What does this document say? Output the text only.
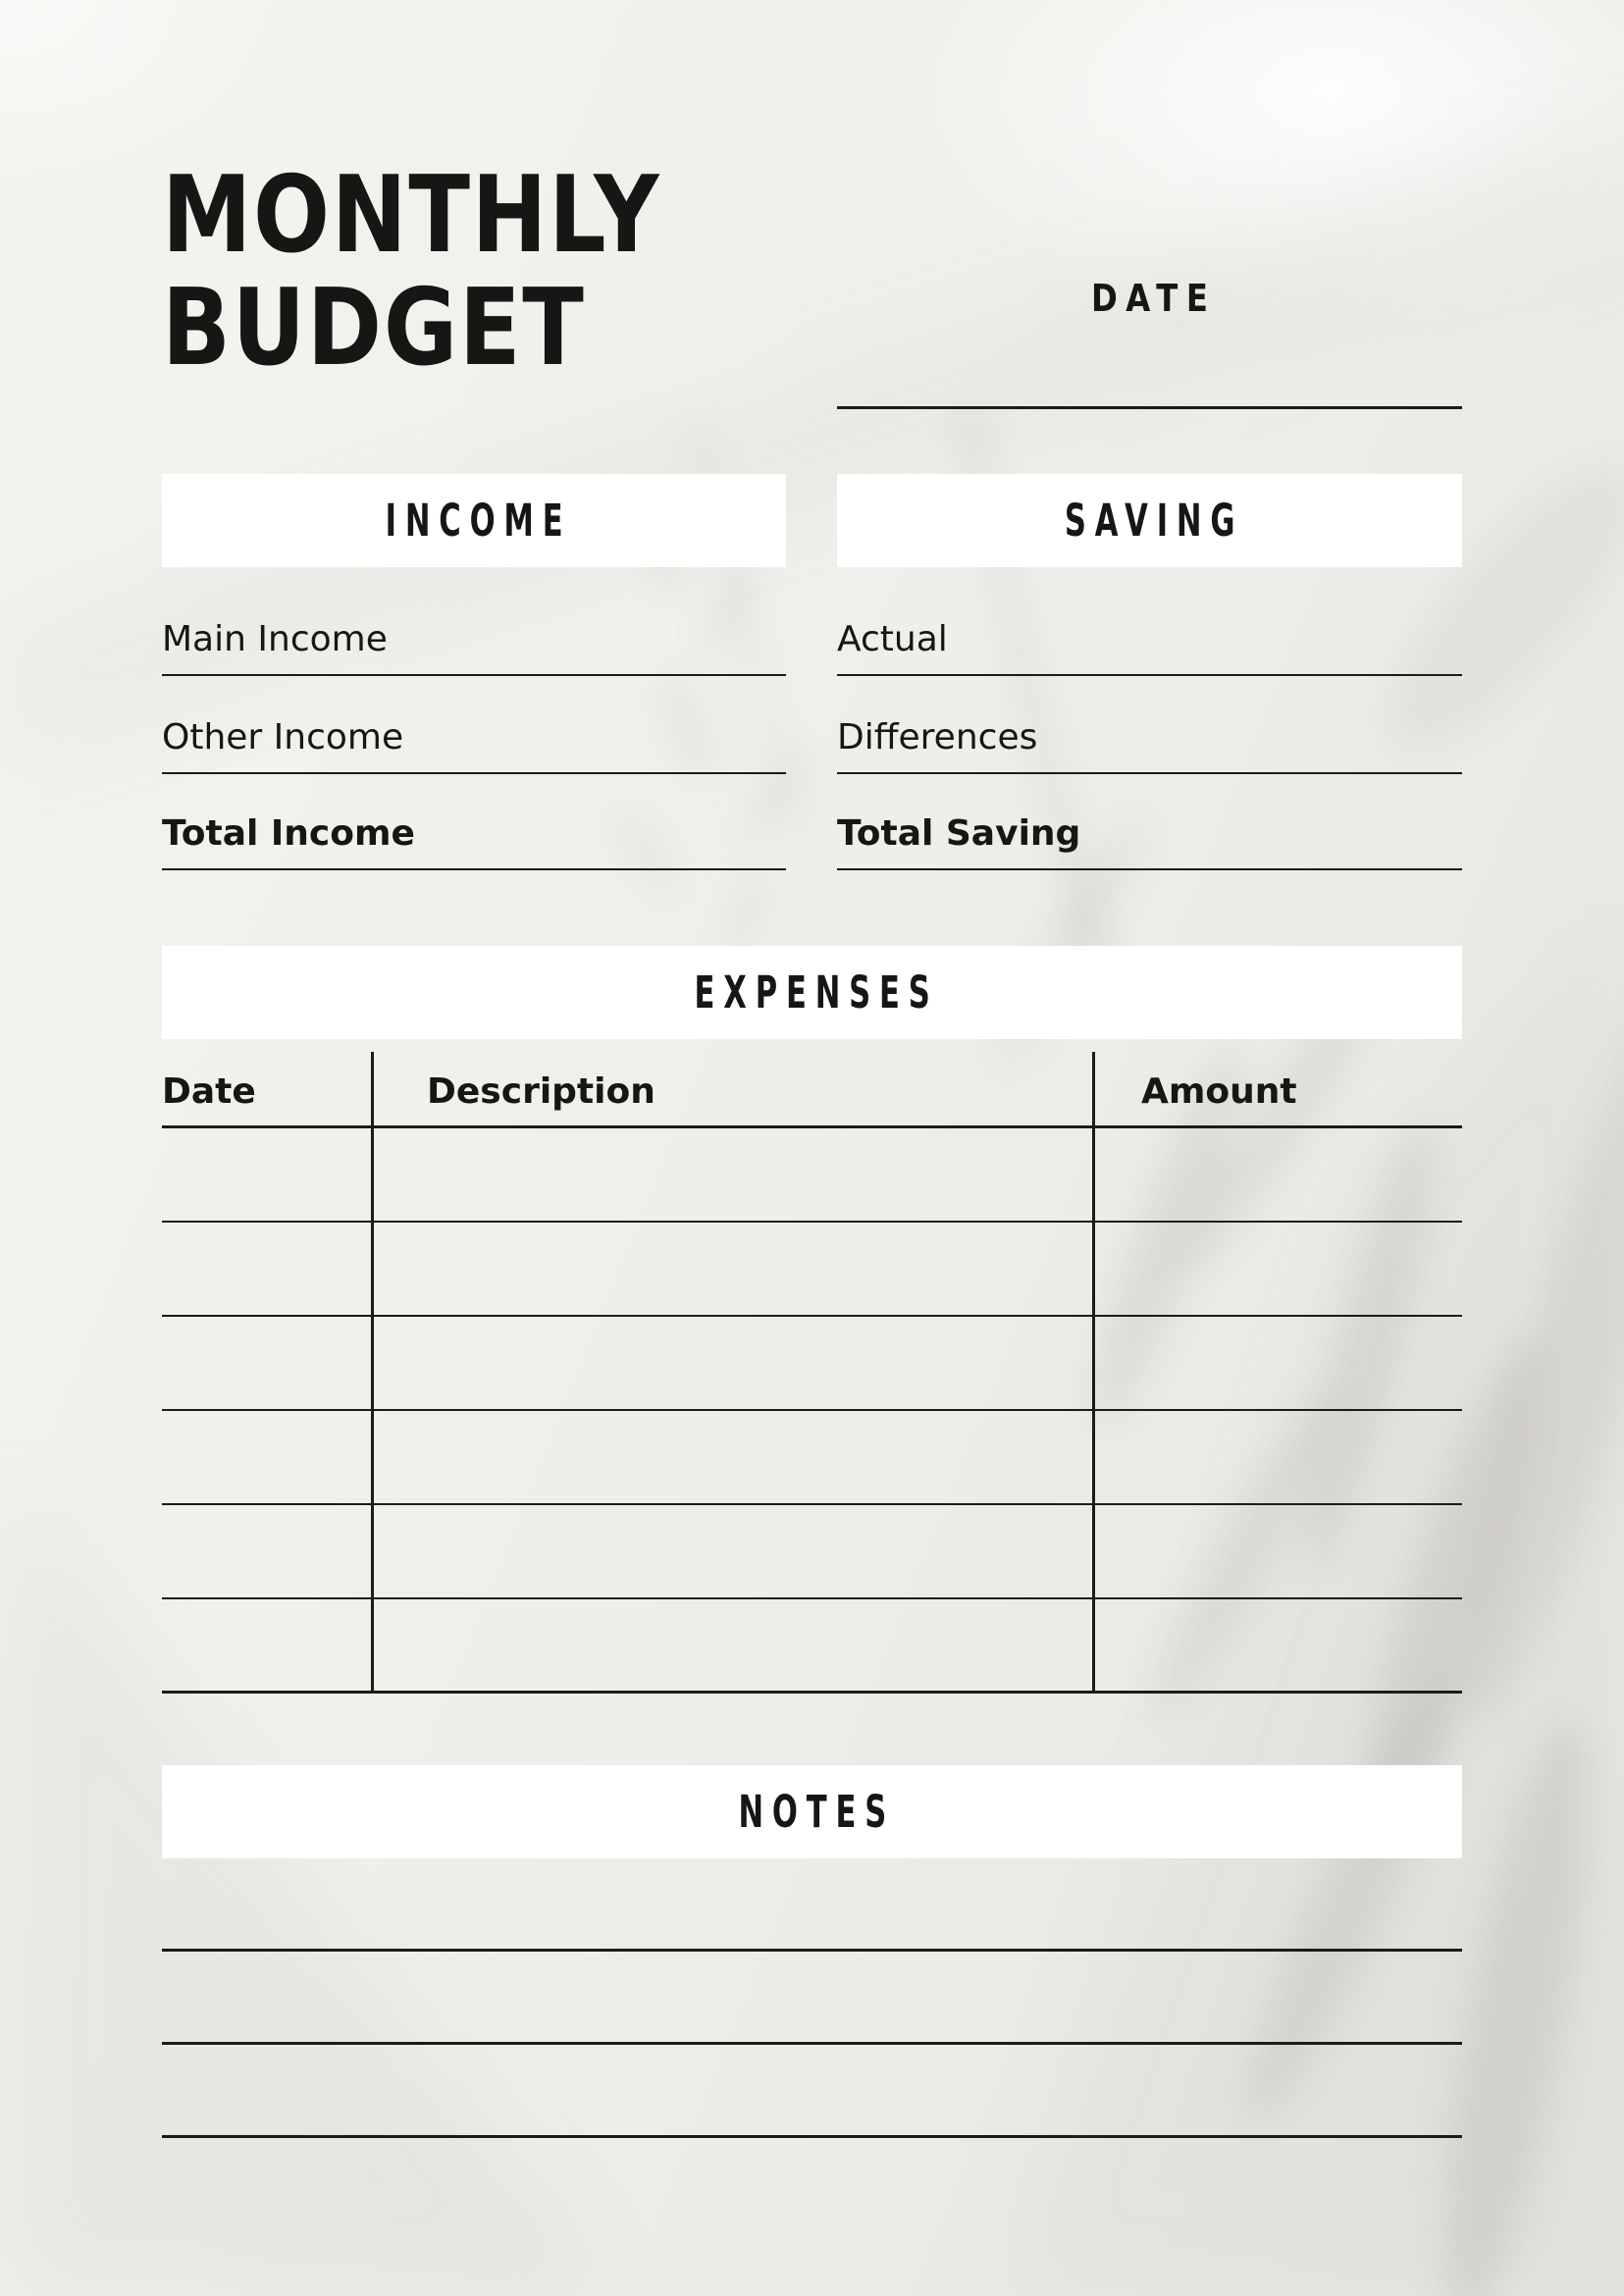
MONTHLY
BUDGET	DATE
INCOME
Main Income
Other Income
Total Income
SAVING
Actual
Differences
Total Saving
EXPENSES
Date	Description	Amount
NOTES
